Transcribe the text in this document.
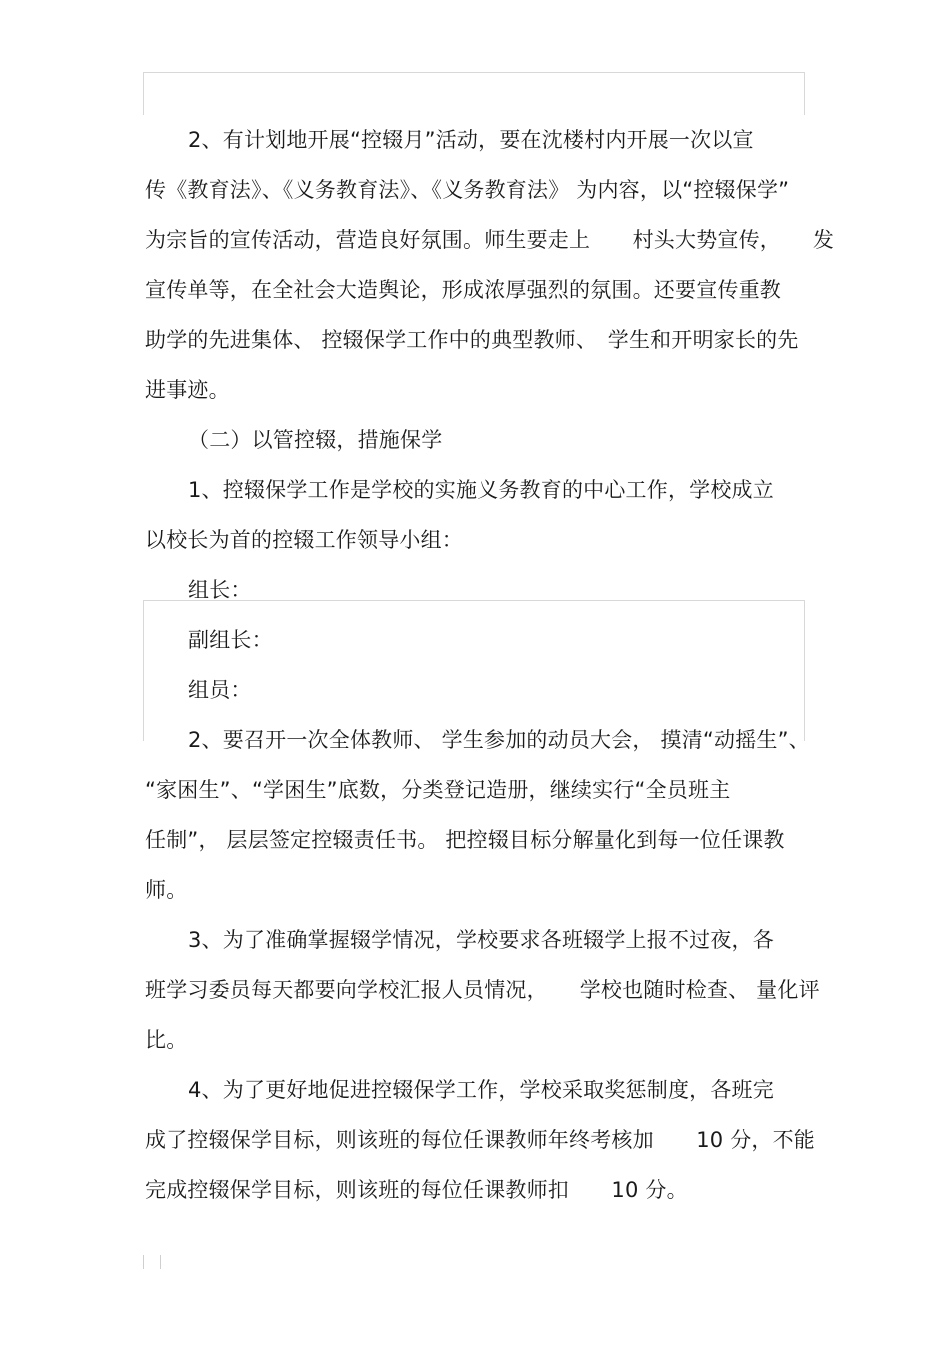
2、有计划地开展“控辍月”活动，要在沈楼村内开展一次以宣
传《教育法》、《义务教育法》、《义务教育法》 为内容，以“控辍保学”
为宗旨的宣传活动，营造良好氛围。师生要走上　　村头大势宣传，　　发
宣传单等，在全社会大造舆论，形成浓厚强烈的氛围。还要宣传重教
助学的先进集体、 控辍保学工作中的典型教师、　学生和开明家长的先
进事迹。
（二）以管控辍，措施保学
1、控辍保学工作是学校的实施义务教育的中心工作，学校成立
以校长为首的控辍工作领导小组：
组长：
副组长：
组员：
2、要召开一次全体教师、 学生参加的动员大会， 摸清“动摇生”、
“家困生”、“学困生”底数，分类登记造册，继续实行“全员班主
任制”， 层层签定控辍责任书。 把控辍目标分解量化到每一位任课教
师。
3、为了准确掌握辍学情况，学校要求各班辍学上报不过夜，各
班学习委员每天都要向学校汇报人员情况，　　学校也随时检查、 量化评
比。
4、为了更好地促进控辍保学工作，学校采取奖惩制度，各班完
成了控辍保学目标，则该班的每位任课教师年终考核加　　10 分，不能
完成控辍保学目标，则该班的每位任课教师扣　　10 分。
